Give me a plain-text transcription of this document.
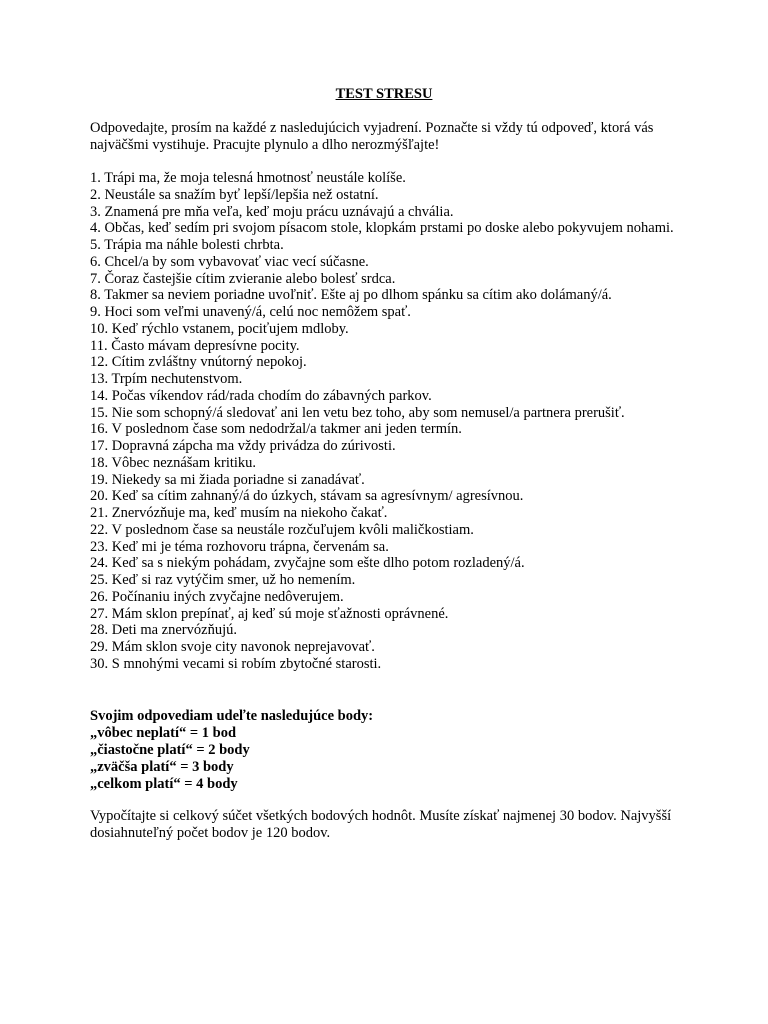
TEST STRESU
Odpovedajte, prosím na každé z nasledujúcich vyjadrení. Poznačte si vždy tú odpoveď, ktorá vás najväčšmi vystihuje. Pracujte plynulo a dlho nerozmýšľajte!
1. Trápi ma, že moja telesná hmotnosť neustále kolíše.
2. Neustále sa snažím byť lepší/lepšia než ostatní.
3. Znamená pre mňa veľa, keď moju prácu uznávajú a chvália.
4. Občas, keď sedím pri svojom písacom stole, klopkám prstami po doske alebo pokyvujem nohami.
5. Trápia ma náhle bolesti chrbta.
6. Chcel/a by som vybavovať viac vecí súčasne.
7. Čoraz častejšie cítim zvieranie alebo bolesť srdca.
8. Takmer sa neviem poriadne uvoľniť. Ešte aj po dlhom spánku sa cítim ako dolámaný/á.
9. Hoci som veľmi unavený/á, celú noc nemôžem spať.
10. Keď rýchlo vstanem, pociťujem mdloby.
11. Často mávam depresívne pocity.
12. Cítim zvláštny vnútorný nepokoj.
13. Trpím nechutenstvom.
14. Počas víkendov rád/rada chodím do zábavných parkov.
15. Nie som schopný/á sledovať ani len vetu bez toho, aby som nemusel/a partnera prerušiť.
16. V poslednom čase som nedodržal/a takmer ani jeden termín.
17. Dopravná zápcha ma vždy privádza do zúrivosti.
18. Vôbec neznášam kritiku.
19. Niekedy sa mi žiada poriadne si zanadávať.
20. Keď sa cítim zahnaný/á do úzkych, stávam sa agresívnym/ agresívnou.
21. Znervózňuje ma, keď musím na niekoho čakať.
22. V poslednom čase sa neustále rozčuľujem kvôli maličkostiam.
23. Keď mi je téma rozhovoru trápna, červenám sa.
24. Keď sa s niekým pohádam, zvyčajne som ešte dlho potom rozladený/á.
25. Keď si raz vytýčim smer, už ho nemením.
26. Počínaniu iných zvyčajne nedôverujem.
27. Mám sklon prepínať, aj keď sú moje sťažnosti oprávnené.
28. Deti ma znervózňujú.
29. Mám sklon svoje city navonok neprejavovať.
30. S mnohými vecami si robím zbytočné starosti.
Svojim odpovediam udeľte nasledujúce body:
„vôbec neplatí“ = 1 bod
„čiastočne platí“ = 2 body
„zväčša platí“ = 3 body
„celkom platí“ = 4 body
Vypočítajte si celkový súčet všetkých bodových hodnôt. Musíte získať najmenej 30 bodov. Najvyšší dosiahnuteľný počet bodov je 120 bodov.
